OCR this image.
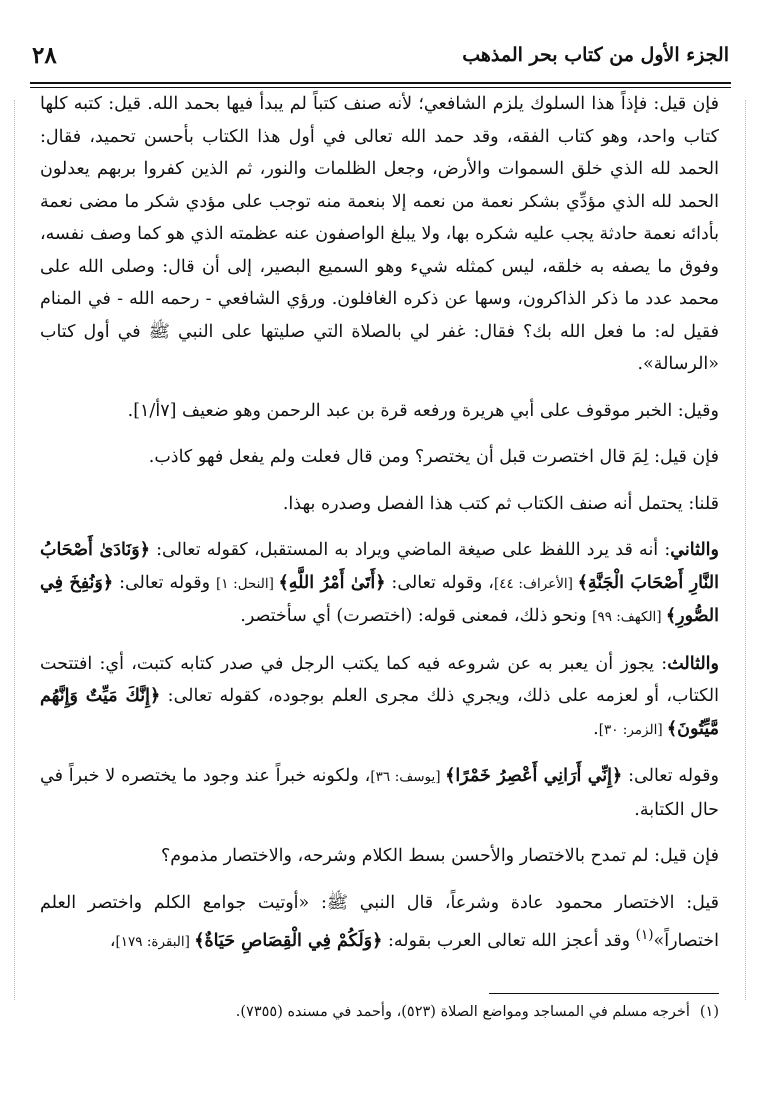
الجزء الأول من كتاب بحر المذهب
٢٨

فإن قيل: فإذاً هذا السلوك يلزم الشافعي؛ لأنه صنف كتباً لم يبدأ فيها بحمد الله. قيل: كتبه كلها كتاب واحد، وهو كتاب الفقه، وقد حمد الله تعالى في أول هذا الكتاب بأحسن تحميد، فقال: الحمد لله الذي خلق السموات والأرض، وجعل الظلمات والنور، ثم الذين كفروا بربهم يعدلون الحمد لله الذي مؤدِّي بشكر نعمة من نعمه إلا بنعمة منه توجب على مؤدي شكر ما مضى نعمة بأدائه نعمة حادثة يجب عليه شكره بها، ولا يبلغ الواصفون عنه عظمته الذي هو كما وصف نفسه، وفوق ما يصفه به خلقه، ليس كمثله شيء وهو السميع البصير، إلى أن قال: وصلى الله على محمد عدد ما ذكر الذاكرون، وسها عن ذكره الغافلون. ورؤي الشافعي - رحمه الله - في المنام فقيل له: ما فعل الله بك؟ فقال: غفر لي بالصلاة التي صليتها على النبي ﷺ في أول كتاب «الرسالة».

وقيل: الخبر موقوف على أبي هريرة ورفعه قرة بن عبد الرحمن وهو ضعيف [٧أ/١].

فإن قيل: لِمَ قال اختصرت قبل أن يختصر؟ ومن قال فعلت ولم يفعل فهو كاذب.

قلنا: يحتمل أنه صنف الكتاب ثم كتب هذا الفصل وصدره بهذا.

والثاني: أنه قد يرد اللفظ على صيغة الماضي ويراد به المستقبل، كقوله تعالى: ﴿وَنَادَىٰ أَصْحَابُ النَّارِ أَصْحَابَ الْجَنَّةِ﴾ [الأعراف: ٤٤]، وقوله تعالى: ﴿أَتَىٰ أَمْرُ اللَّهِ﴾ [النحل: ١] وقوله تعالى: ﴿وَنُفِخَ فِي الصُّورِ﴾ [الكهف: ٩٩] ونحو ذلك، فمعنى قوله: (اختصرت) أي سأختصر.

والثالث: يجوز أن يعبر به عن شروعه فيه كما يكتب الرجل في صدر كتابه كتبت، أي: افتتحت الكتاب، أو لعزمه على ذلك، ويجري ذلك مجرى العلم بوجوده، كقوله تعالى: ﴿إِنَّكَ مَيِّتٌ وَإِنَّهُم مَّيِّتُونَ﴾ [الزمر: ٣٠].

وقوله تعالى: ﴿إِنِّي أَرَانِي أَعْصِرُ خَمْرًا﴾ [يوسف: ٣٦]، ولكونه خبراً عند وجود ما يختصره لا خبراً في حال الكتابة.

فإن قيل: لم تمدح بالاختصار والأحسن بسط الكلام وشرحه، والاختصار مذموم؟

قيل: الاختصار محمود عادة وشرعاً، قال النبي ﷺ: «أوتيت جوامع الكلم واختصر العلم اختصاراً»$^{(١)}$ وقد أعجز الله تعالى العرب بقوله: ﴿وَلَكُمْ فِي الْقِصَاصِ حَيَاةٌ﴾ [البقرة: ١٧٩]،

(١)أخرجه مسلم في المساجد ومواضع الصلاة (٥٢٣)، وأحمد في مسنده (٧٣٥٥).
